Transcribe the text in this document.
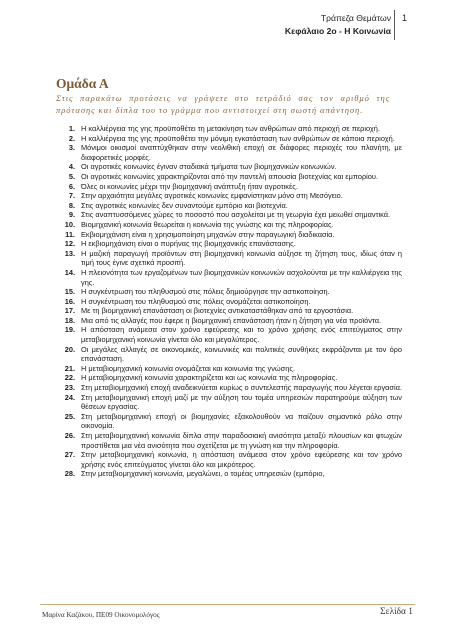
Τράπεζα Θεμάτων
Κεφάλαιο 2ο - Η Κοινωνία
1
Ομάδα Α
Στις παρακάτω προτάσεις να γράψετε στο τετράδιό σας τον αριθμό της πρότασης και δίπλα του το γράμμα που αντιστοιχεί στη σωστή απάντηση.
1. Η καλλιέργεια της γης προϋποθέτει τη μετακίνηση των ανθρώπων από περιοχή σε περιοχή.
2. Η καλλιέργεια της γης προϋποθέτει την μόνιμη εγκατάσταση των ανθρώπων σε κάποια περιοχή.
3. Μόνιμοι οικισμοί αναπτύχθηκαν στην νεολιθική εποχή σε διάφορες περιοχές του πλανήτη, με διαφορετικές μορφές.
4. Οι αγροτικές κοινωνίες έγιναν σταδιακά τμήματα των βιομηχανικών κοινωνιών.
5. Οι αγροτικές κοινωνίες χαρακτηρίζονται από την παντελή απουσία βιοτεχνίας και εμπορίου.
6. Όλες οι κοινωνίες μέχρι την βιομηχανική ανάπτυξη ήταν αγροτικές.
7. Στην αρχαιότητα μεγάλες αγροτικές κοινωνίες εμφανίστηκαν μόνο στη Μεσόγειο.
8. Στις αγροτικές κοινωνίες δεν συναντούμε εμπόριο και βιοτεχνία.
9. Στις αναπτυσσόμενες χώρες το ποσοστό που ασχολείται με τη γεωργία έχει μειωθεί σημαντικά.
10. Βιομηχανική κοινωνία θεωρείται η κοινωνία της γνώσης και της πληροφορίας.
11. Εκβιομηχάνιση είναι η χρησιμοποίηση μηχανών στην παραγωγική διαδικασία.
12. Η εκβιομηχάνιση είναι ο πυρήνας της βιομηχανικής επανάστασης.
13. Η μαζική παραγωγή προϊόντων στη βιομηχανική κοινωνία αύξησε τη ζήτηση τους, ιδίως όταν η τιμή τους έγινε σχετικά προσιτή.
14. Η πλειονότητα των εργαζομένων των βιομηχανικών κοινωνιών ασχολούνται με την καλλιέργεια της γης.
15. Η συγκέντρωση του πληθυσμού στις πόλεις δημιούργησε την αστικοποίηση.
16. Η συγκέντρωση του πληθυσμού στις πόλεις ονομάζεται αστικοποίηση.
17. Με τη βιομηχανική επανάσταση οι βιοτεχνίες αντικαταστάθηκαν από τα εργοστάσια.
18. Μια από τις αλλαγές που έφερε η βιομηχανική επανάσταση ήταν η ζήτηση για νέα προϊόντα.
19. Η απόσταση ανάμεσα στον χρόνο εφεύρεσης και το χρόνο χρήσης ενός επιτεύγματος στην μεταβιομηχανική κοινωνία γίνεται όλο και μεγαλύτερος.
20. Οι μεγάλες αλλαγές σε οικονομικές, κοινωνικές και πολιτικές συνθήκες εκφράζονται με τον όρο επανάσταση.
21. Η μεταβιομηχανική κοινωνία ονομάζεται και κοινωνία της γνώσης.
22. Η μεταβιομηχανική κοινωνία χαρακτηρίζεται και ως κοινωνία της πληροφορίας.
23. Στη μεταβιομηχανική εποχή αναδεικνύεται κυρίως ο συντελεστής παραγωγής που λέγεται εργασία.
24. Στη μεταβιομηχανική εποχή μαζί με την αύξηση του τομέα υπηρεσιών παρατηρούμε αύξηση των θέσεων εργασίας.
25. Στη μεταβιομηχανική εποχή οι βιομηχανίες εξακολουθούν να παίζουν σημαντικό ρόλο στην οικονομία.
26. Στη μεταβιομηχανική κοινωνία δίπλα στην παραδοσιακή ανισότητα μεταξύ πλουσίων και φτωχών προστίθεται μια νέα ανισότητα που σχετίζεται με τη γνώση και την πληροφορία.
27. Στην μεταβιομηχανική κοινωνία, η απόσταση ανάμεσα στον χρόνο εφεύρεσης και τον χρόνο χρήσης ενός επιτεύγματος γίνεται όλο και μικρότερος.
28. Στην μεταβιομηχανική κοινωνία, μεγαλώνει, ο τομέας υπηρεσιών (εμπόριο,
Μαρίνα Καζάκου, ΠΕ09 Οικονομολόγος	Σελίδα 1
